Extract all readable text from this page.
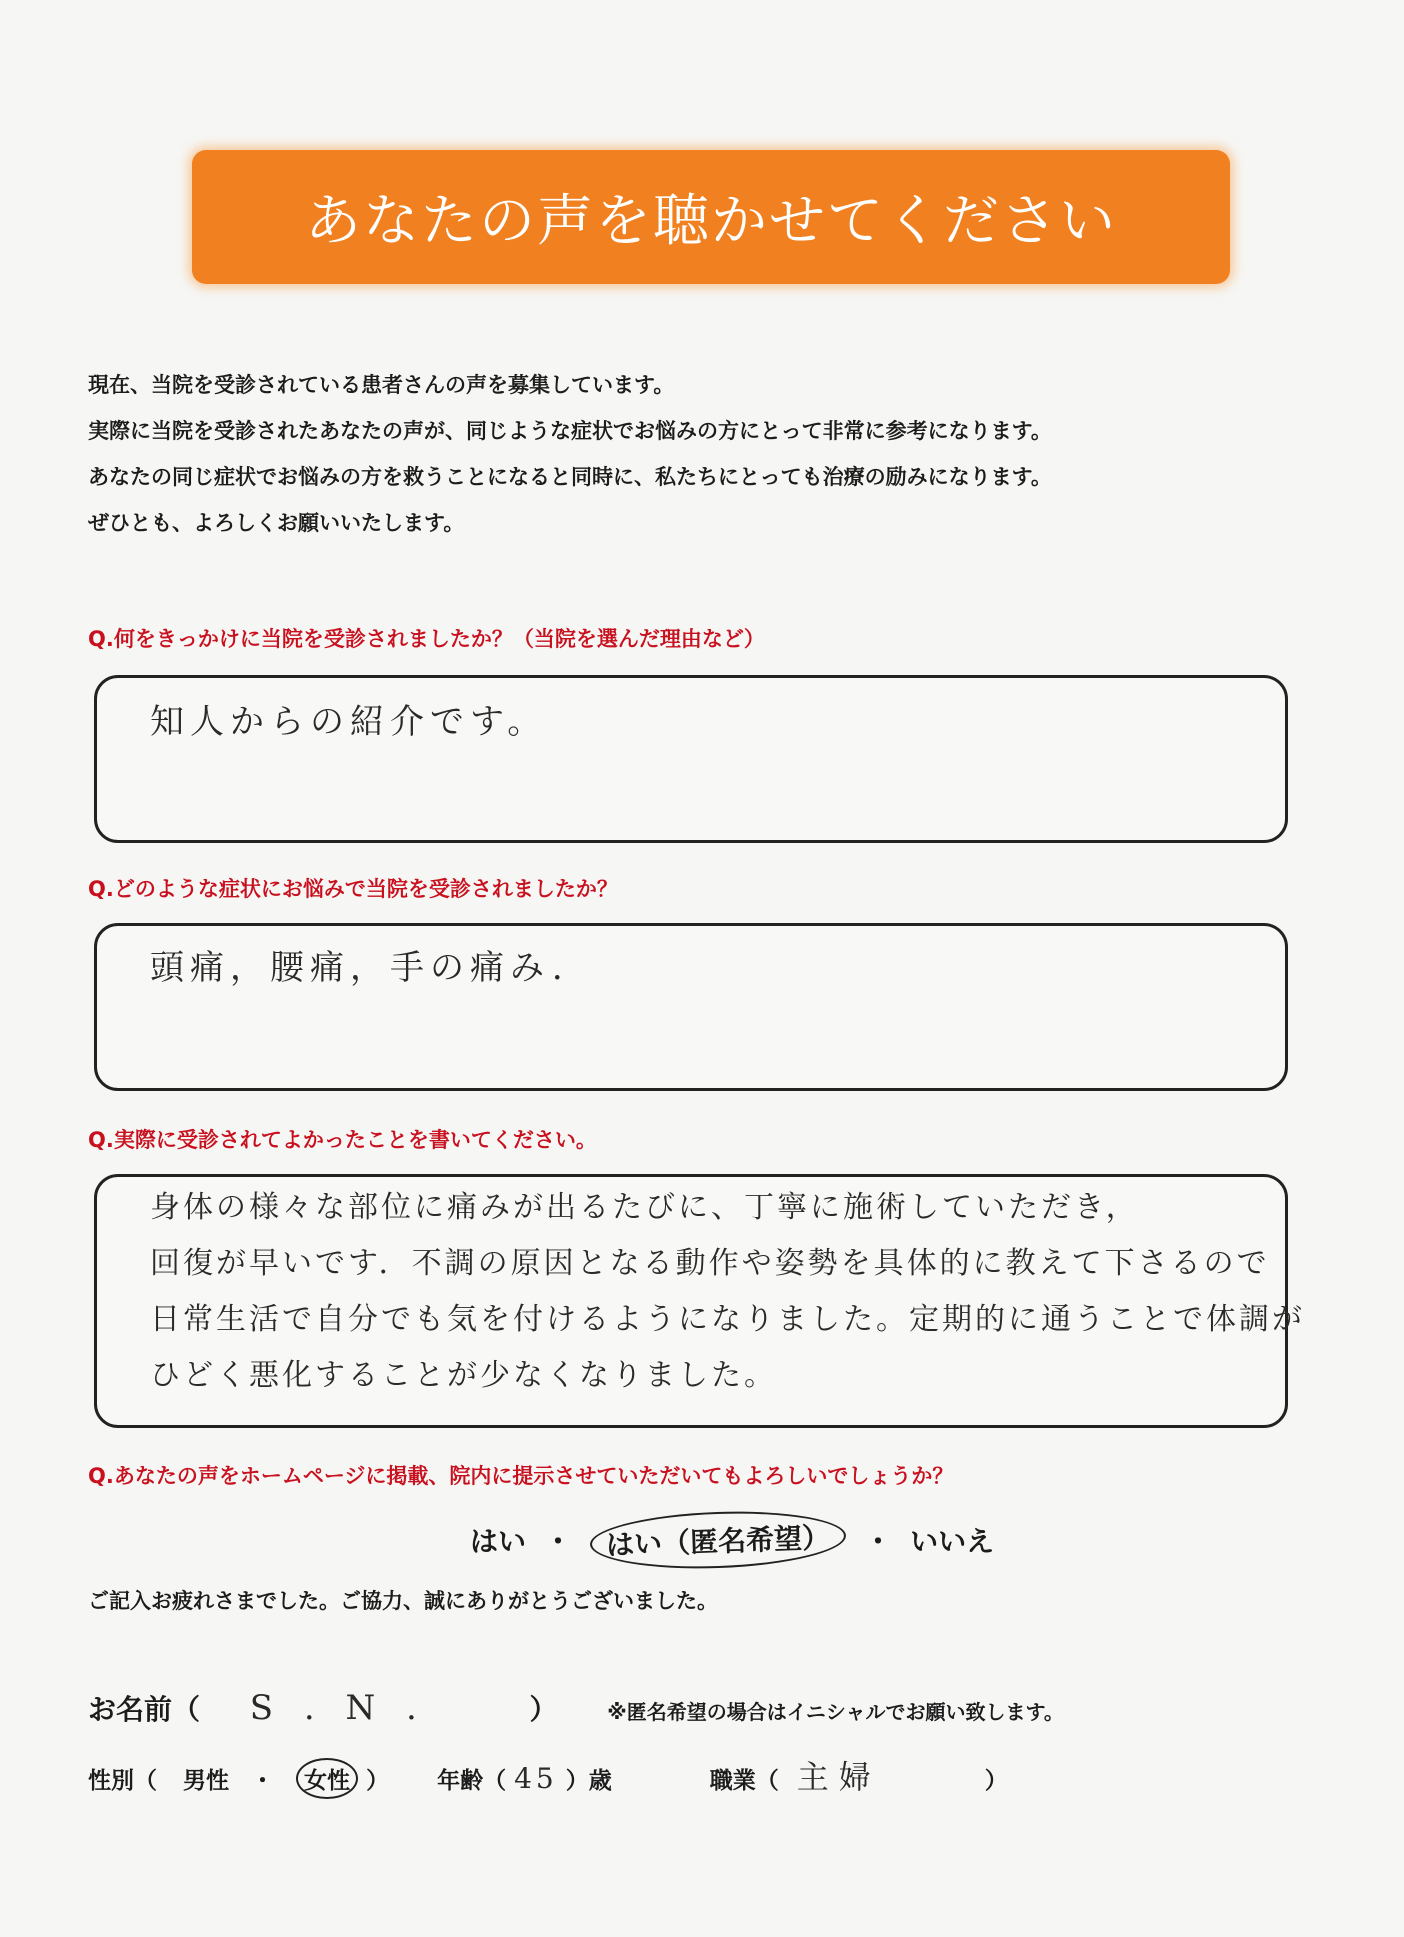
あなたの声を聴かせてください
現在、当院を受診されている患者さんの声を募集しています。
実際に当院を受診されたあなたの声が、同じような症状でお悩みの方にとって非常に参考になります。
あなたの同じ症状でお悩みの方を救うことになると同時に、私たちにとっても治療の励みになります。
ぜひとも、よろしくお願いいたします。
Q.何をきっかけに当院を受診されましたか？（当院を選んだ理由など）
知人からの紹介です。
Q.どのような症状にお悩みで当院を受診されましたか？
頭痛，腰痛，手の痛み．
Q.実際に受診されてよかったことを書いてください。
身体の様々な部位に痛みが出るたびに、丁寧に施術していただき，
回復が早いです．不調の原因となる動作や姿勢を具体的に教えて下さるので
日常生活で自分でも気を付けるようになりました。定期的に通うことで体調が
ひどく悪化することが少なくなりました。
Q.あなたの声をホームページに掲載、院内に提示させていただいてもよろしいでしょうか？
はい ・ はい（匿名希望） ・ いいえ
ご記入お疲れさまでした。ご協力、誠にありがとうございました。
お名前（ S . N .	） ※匿名希望の場合はイニシャルでお願い致します。
性別（ 男性 ・ 女性 ） 年齢（ 45 ）歳	職業（ 主婦	）
